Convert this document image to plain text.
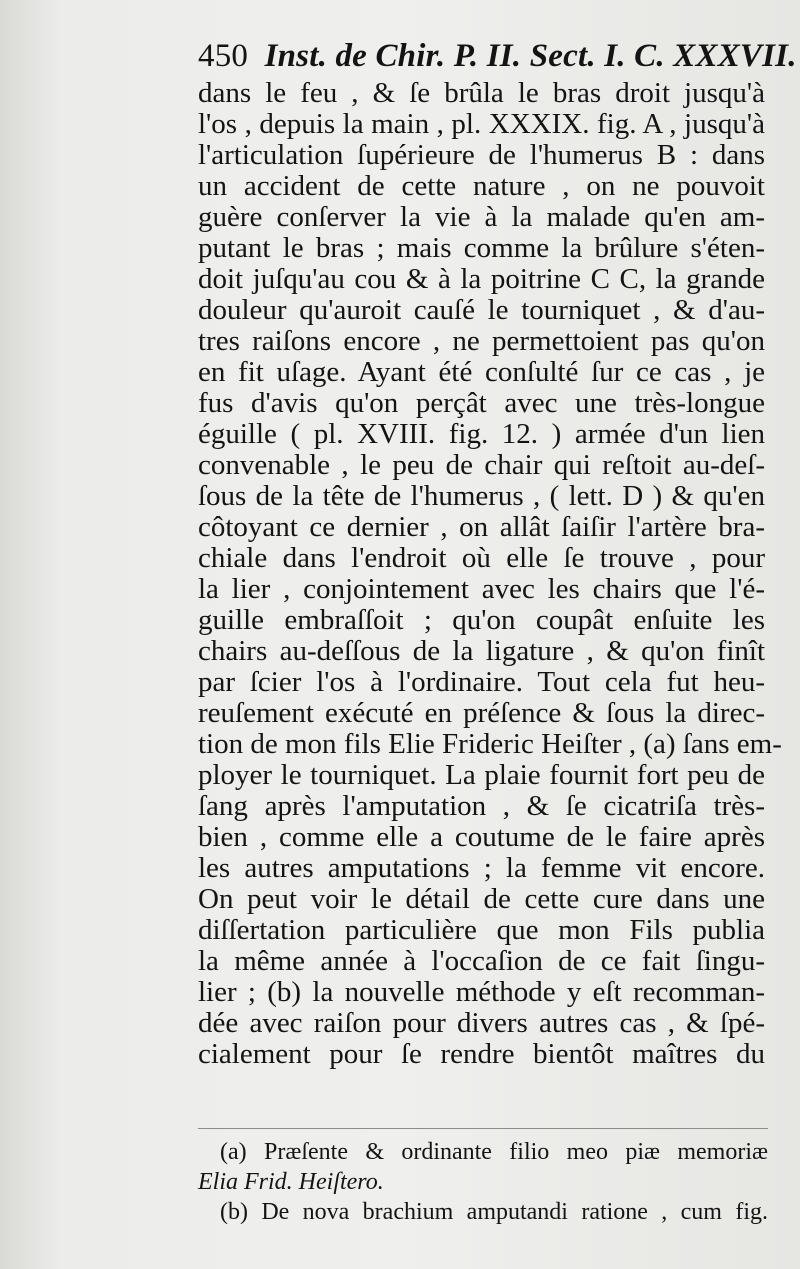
450 Inst. de Chir. P. II. Sect. I. C. XXXVII.
dans le feu , & ſe brûla le bras droit jusqu'à
l'os , depuis la main , pl. XXXIX. fig. A , jusqu'à
l'articulation ſupérieure de l'humerus B : dans
un accident de cette nature , on ne pouvoit
guère conſerver la vie à la malade qu'en am-
putant le bras ; mais comme la brûlure s'éten-
doit juſqu'au cou & à la poitrine C C, la grande
douleur qu'auroit cauſé le tourniquet , & d'au-
tres raiſons encore , ne permettoient pas qu'on
en fit uſage. Ayant été conſulté ſur ce cas , je
fus d'avis qu'on perçât avec une très-longue
éguille ( pl. XVIII. fig. 12. ) armée d'un lien
convenable , le peu de chair qui reſtoit au-deſ-
ſous de la tête de l'humerus , ( lett. D ) & qu'en
côtoyant ce dernier , on allât ſaiſir l'artère bra-
chiale dans l'endroit où elle ſe trouve , pour
la lier , conjointement avec les chairs que l'é-
guille embraſſoit ; qu'on coupât enſuite les
chairs au-deſſous de la ligature , & qu'on finît
par ſcier l'os à l'ordinaire. Tout cela fut heu-
reuſement exécuté en préſence & ſous la direc-
tion de mon fils Elie Frideric Heiſter , (a) ſans em-
ployer le tourniquet. La plaie fournit fort peu de
ſang après l'amputation , & ſe cicatriſa très-
bien , comme elle a coutume de le faire après
les autres amputations ; la femme vit encore.
On peut voir le détail de cette cure dans une
diſſertation particulière que mon Fils publia
la même année à l'occaſion de ce fait ſingu-
lier ; (b) la nouvelle méthode y eſt recomman-
dée avec raiſon pour divers autres cas , & ſpé-
cialement pour ſe rendre bientôt maîtres du
(a) Præſente & ordinante filio meo piæ memoriæ
Elia Frid. Heiſtero.
(b) De nova brachium amputandi ratione , cum fig.
